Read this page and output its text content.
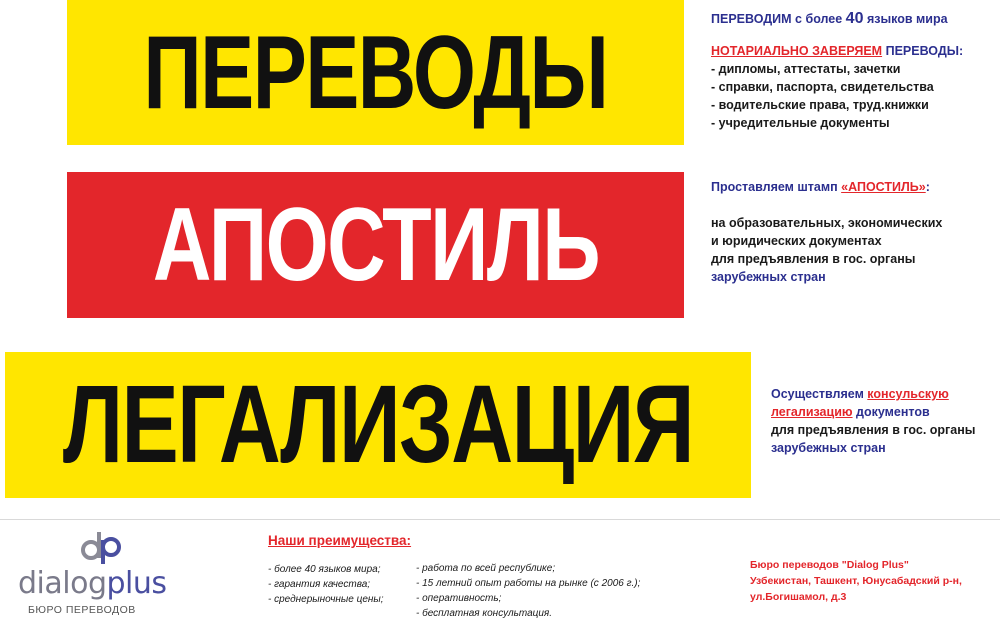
ПЕРЕВОДЫ
АПОСТИЛЬ
ЛЕГАЛИЗАЦИЯ
ПЕРЕВОДИМ с более 40 языков мира
НОТАРИАЛЬНО ЗАВЕРЯЕМ ПЕРЕВОДЫ:
- дипломы, аттестаты, зачетки
- справки, паспорта, свидетельства
- водительские права, труд.книжки
- учредительные документы
Проставляем штамп «АПОСТИЛЬ»:
на образовательных, экономических
и юридических документах
для предъявления в гос. органы
зарубежных стран
Осуществляем консульскую
легализацию документов
для предъявления в гос. органы
зарубежных стран
dialogplus
БЮРО ПЕРЕВОДОВ
Наши преимущества:
- более 40 языков мира;
- гарантия качества;
- среднерыночные цены;
- работа по всей республике;
- 15 летний опыт работы на рынке (с 2006 г.);
- оперативность;
- бесплатная консультация.
Бюро переводов "Dialog Plus"
Узбекистан, Ташкент, Юнусабадский р-н,
ул.Богишамол, д.3
